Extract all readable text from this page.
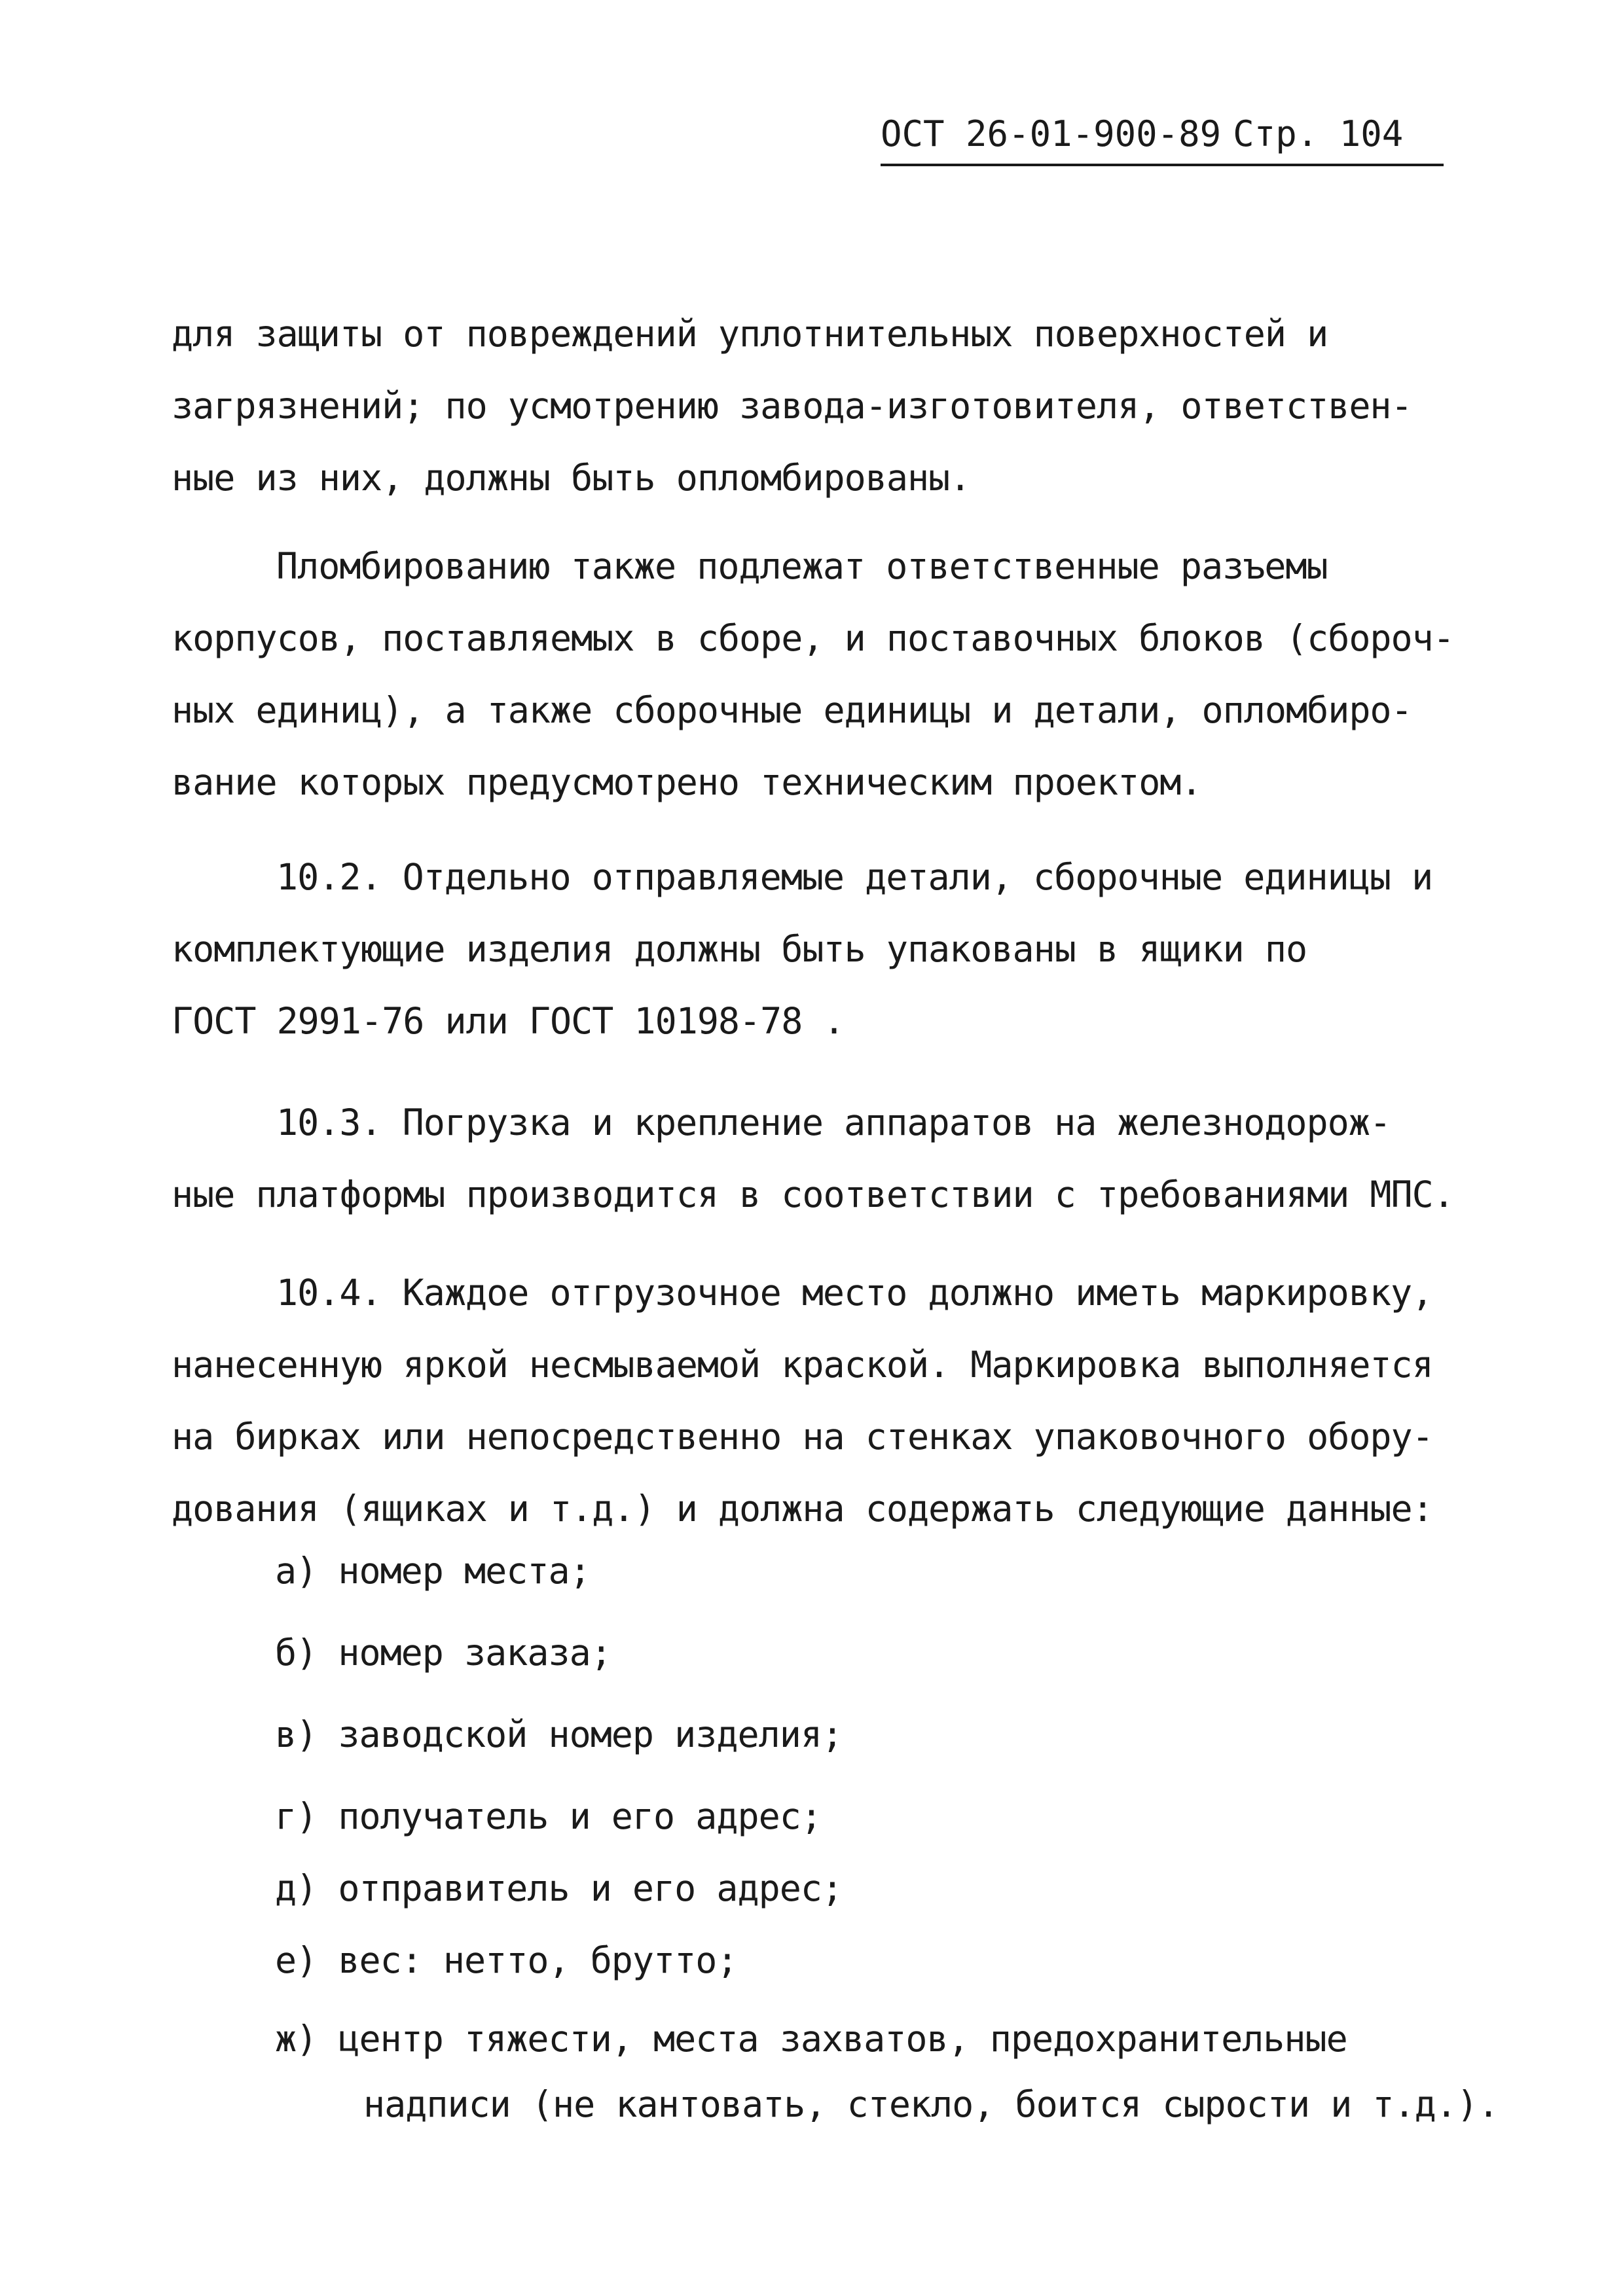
ОСТ 26-01-900-89 Стр. 104
для защиты от повреждений уплотнительных поверхностей и
загрязнений; по усмотрению завода-изготовителя, ответствен-
ные из них, должны быть опломбированы.
Пломбированию также подлежат ответственные разъемы
корпусов, поставляемых в сборе, и поставочных блоков (сбороч-
ных единиц), а также сборочные единицы и детали, опломбиро-
вание которых предусмотрено техническим проектом.
10.2. Отдельно отправляемые детали, сборочные единицы и
комплектующие изделия должны быть упакованы в ящики по
ГОСТ 2991-76 или ГОСТ 10198-78 .
10.3. Погрузка и крепление аппаратов на железнодорож-
ные платформы производится в соответствии с требованиями МПС.
10.4. Каждое отгрузочное место должно иметь маркировку,
нанесенную яркой несмываемой краской. Маркировка выполняется
на бирках или непосредственно на стенках упаковочного обору-
дования (ящиках и т.д.) и должна содержать следующие данные:
а) номер места;
б) номер заказа;
в) заводской номер изделия;
г) получатель и его адрес;
д) отправитель и его адрес;
е) вес: нетто, брутто;
ж) центр тяжести, места захватов, предохранительные
надписи (не кантовать, стекло, боится сырости и т.д.).
